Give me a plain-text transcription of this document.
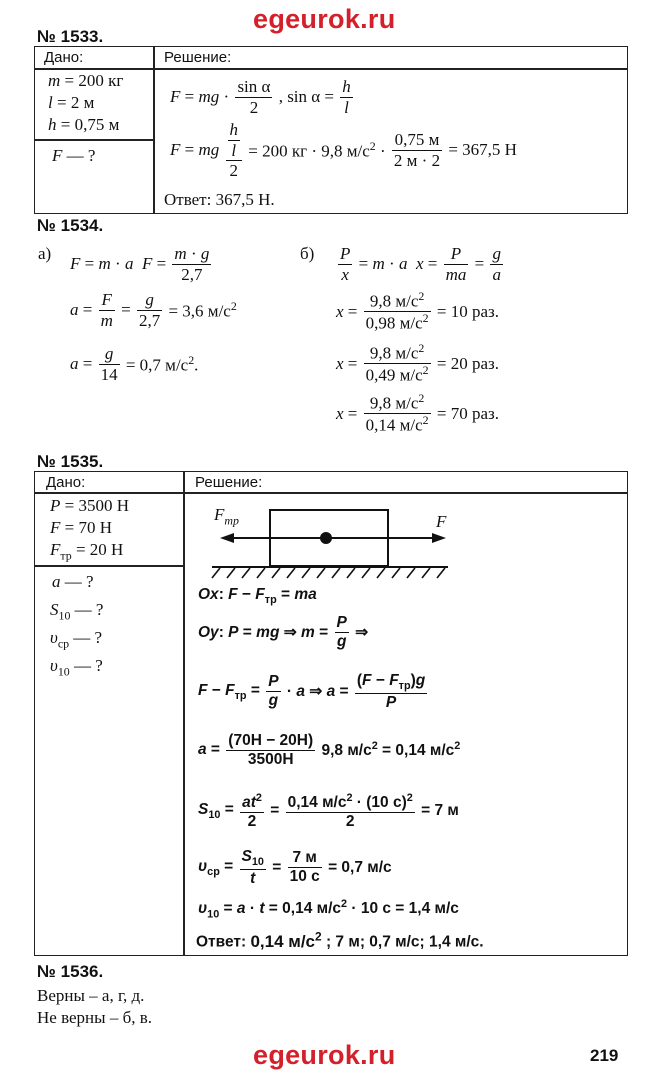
egeurok.ru
№ 1533.
Дано:	Решение:
m = 200 кг
l = 2 м
h = 0,75 м
F — ?
F = mg · $\frac{\text{sin α}}{2}$ , $\sin \alpha = \frac{h}{l}$
F = mg $\frac{\frac{h}{l}}{2} = 200$ кг · 9,8 $м/с^2 \cdot \frac{0,75 м}{2 м \cdot 2} = 367,5$ Н
Ответ: 367,5 Н.
№ 1534.
а)
F = m · a $F = \frac{m \cdot g}{2,7}$
$a = \frac{F}{m} = \frac{g}{2,7} = 3,6$ $м/с^2$
$a = \frac{g}{14} = 0,7$ $м/с^2$.
$б) \frac{P}{x} = m \cdot a$ $x = \frac{P}{ma} = \frac{g}{a}$
$x = \frac{9,8 м/с^2}{0,98 м/с^2} = 10$ раз.
$x = \frac{9,8 м/с^2}{0,49 м/с^2} = 20$ раз.
$x = \frac{9,8 м/с^2}{0,14 м/с^2} = 70$ раз.
№ 1535.
Дано:	Решение:
P = 3500 Н
F = 70 Н
$F_{тр} = 20$ Н
a — ?
$S_{10}$ — ?
$\upsilon_{ср}$ — ?
$\upsilon_{10}$ — ?
$F_{тр}$	F
Ox: $F - F_{тр}$ = ma
Oy: P = mg ⇒ $m = \frac{P}{g}$ ⇒
$F - F_{тр} = \frac{P}{g} \cdot a$ ⇒ $a = \frac{(F - F_{тр})g}{P}$
$a = \frac{(70Н - 20Н)}{3500Н} 9,8$ $м/с^2 = 0,14$ $м/с^2$
$S_{10} = \frac{at^2}{2} = \frac{0,14 м/с^2 \cdot (10 с)^2}{2} = 7$ м
$\upsilon_{ср} = \frac{S_{10}}{t} = \frac{7 м}{10 с} = 0,7$ м/с
$\upsilon_{10} = a \cdot t = 0,14$ $м/с^2 \cdot 10$ с = 1,4 м/с
Ответ: 0,14 $м/с^2$ ; 7 м; 0,7 м/с; 1,4 м/с.
№ 1536.
Верны – а, г, д.
Не верны – б, в.
egeurok.ru	219
